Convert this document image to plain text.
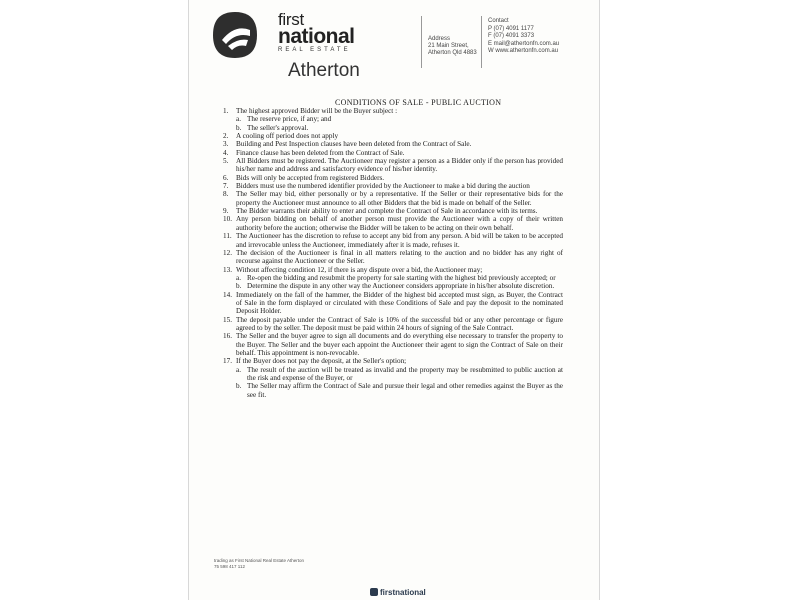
first
national
REAL ESTATE
Atherton
Address
21 Main Street,
Atherton Qld 4883
Contact
P (07) 4091 1177
F (07) 4091 3373
E mail@athertonfn.com.au
W www.athertonfn.com.au
CONDITIONS OF SALE - PUBLIC AUCTION
1.	The highest approved Bidder will be the Buyer subject :
a. The reserve price, if any; and
b. The seller's approval.
2.	A cooling off period does not apply
3.	Building and Pest Inspection clauses have been deleted from the Contract of Sale.
4.	Finance clause has been deleted from the Contract of Sale.
5.	All Bidders must be registered. The Auctioneer may register a person as a Bidder only if the person has provided his/her name and address and satisfactory evidence of his/her identity.
6.	Bids will only be accepted from registered Bidders.
7.	Bidders must use the numbered identifier provided by the Auctioneer to make a bid during the auction
8.	The Seller may bid, either personally or by a representative. If the Seller or their representative bids for the property the Auctioneer must announce to all other Bidders that the bid is made on behalf of the Seller.
9.	The Bidder warrants their ability to enter and complete the Contract of Sale in accordance with its terms.
10. Any person bidding on behalf of another person must provide the Auctioneer with a copy of their written authority before the auction; otherwise the Bidder will be taken to be acting on their own behalf.
11. The Auctioneer has the discretion to refuse to accept any bid from any person. A bid will be taken to be accepted and irrevocable unless the Auctioneer, immediately after it is made, refuses it.
12. The decision of the Auctioneer is final in all matters relating to the auction and no bidder has any right of recourse against the Auctioneer or the Seller.
13. Without affecting condition 12, if there is any dispute over a bid, the Auctioneer may;
a. Re-open the bidding and resubmit the property for sale starting with the highest bid previously accepted; or
b. Determine the dispute in any other way the Auctioneer considers appropriate in his/her absolute discretion.
14. Immediately on the fall of the hammer, the Bidder of the highest bid accepted must sign, as Buyer, the Contract of Sale in the form displayed or circulated with these Conditions of Sale and pay the deposit to the nominated Deposit Holder.
15. The deposit payable under the Contract of Sale is 10% of the successful bid or any other percentage or figure agreed to by the seller. The deposit must be paid within 24 hours of signing of the Sale Contract.
16. The Seller and the buyer agree to sign all documents and do everything else necessary to transfer the property to the Buyer. The Seller and the buyer each appoint the Auctioneer their agent to sign the Contract of Sale on their behalf. This appointment is non-revocable.
17. If the Buyer does not pay the deposit, at the Seller's option;
a. The result of the auction will be treated as invalid and the property may be resubmitted to public auction at the risk and expense of the Buyer, or
b. The Seller may affirm the Contract of Sale and pursue their legal and other remedies against the Buyer as the see fit.
trading as First National Real Estate Atherton
75 598 417 112
firstnational
